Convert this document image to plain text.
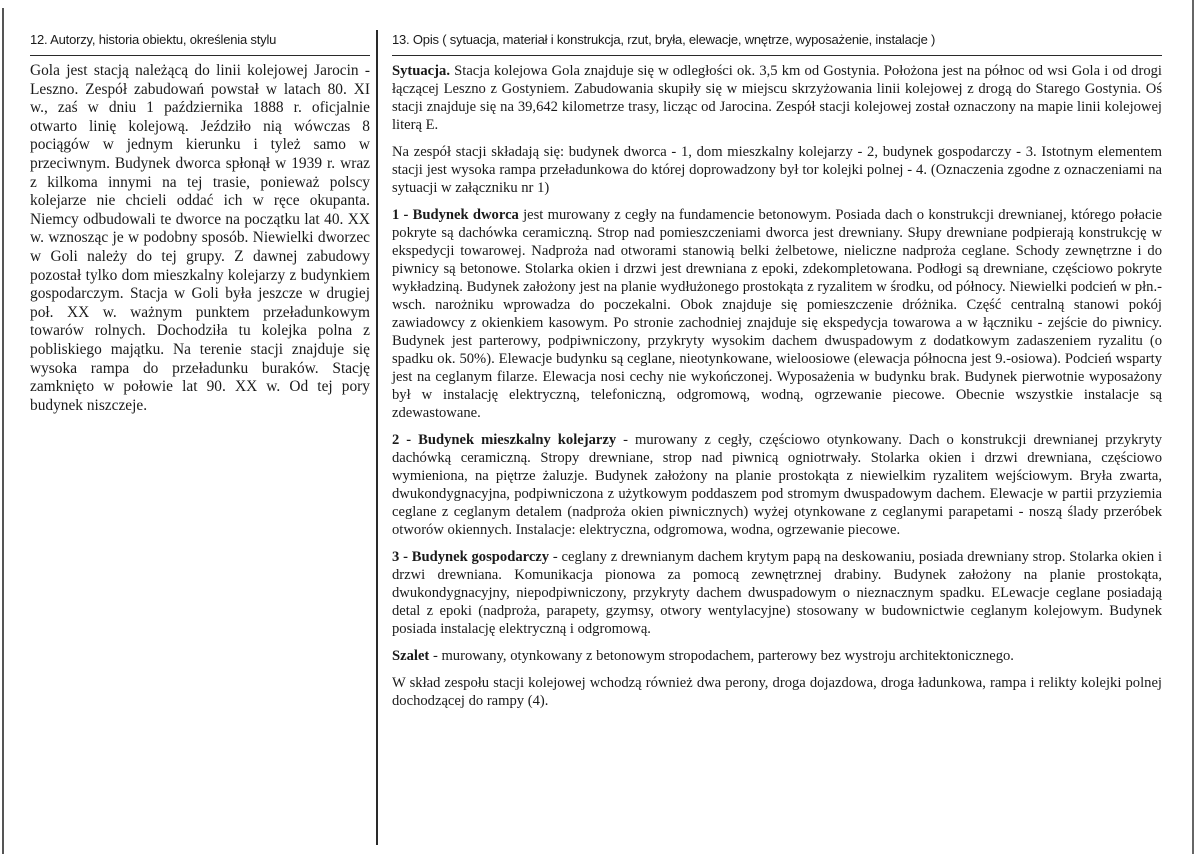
12. Autorzy, historia obiektu, określenia stylu

Gola jest stacją należącą do linii kolejowej Jarocin - Leszno. Zespół zabudowań powstał w latach 80. XI w., zaś w dniu 1 października 1888 r. oficjalnie otwarto linię kolejową. Jeździło nią wówczas 8 pociągów w jednym kierunku i tyleż samo w przeciwnym. Budynek dworca spłonął w 1939 r. wraz z kilkoma innymi na tej trasie, ponieważ polscy kolejarze nie chcieli oddać ich w ręce okupanta. Niemcy odbudowali te dworce na początku lat 40. XX w. wznosząc je w podobny sposób. Niewielki dworzec w Goli należy do tej grupy. Z dawnej zabudowy pozostał tylko dom mieszkalny kolejarzy z budynkiem gospodarczym. Stacja w Goli była jeszcze w drugiej poł. XX w. ważnym punktem przeładunkowym towarów rolnych. Dochodziła tu kolejka polna z pobliskiego majątku. Na terenie stacji znajduje się wysoka rampa do przeładunku buraków. Stację zamknięto w połowie lat 90. XX w. Od tej pory budynek niszczeje.

13. Opis ( sytuacja, materiał i konstrukcja, rzut, bryła, elewacje, wnętrze, wyposażenie, instalacje )

Sytuacja. Stacja kolejowa Gola znajduje się w odległości ok. 3,5 km od Gostynia. Położona jest na północ od wsi Gola i od drogi łączącej Leszno z Gostyniem. Zabudowania skupiły się w miejscu skrzyżowania linii kolejowej z drogą do Starego Gostynia. Oś stacji znajduje się na 39,642 kilometrze trasy, licząc od Jarocina. Zespół stacji kolejowej został oznaczony na mapie linii kolejowej literą E.

Na zespół stacji składają się: budynek dworca - 1, dom mieszkalny kolejarzy - 2, budynek gospodarczy - 3. Istotnym elementem stacji jest wysoka rampa przeładunkowa do której doprowadzony był tor kolejki polnej - 4. (Oznaczenia zgodne z oznaczeniami na sytuacji w załączniku nr 1)

1 - Budynek dworca jest murowany z cegły na fundamencie betonowym. Posiada dach o konstrukcji drewnianej, którego połacie pokryte są dachówka ceramiczną. Strop nad pomieszczeniami dworca jest drewniany. Słupy drewniane podpierają konstrukcję w ekspedycji towarowej. Nadproża nad otworami stanowią belki żelbetowe, nieliczne nadproża ceglane. Schody zewnętrzne i do piwnicy są betonowe. Stolarka okien i drzwi jest drewniana z epoki, zdekompletowana. Podłogi są drewniane, częściowo pokryte wykładziną. Budynek założony jest na planie wydłużonego prostokąta z ryzalitem w środku, od północy. Niewielki podcień w płn.-wsch. narożniku wprowadza do poczekalni. Obok znajduje się pomieszczenie dróżnika. Część centralną stanowi pokój zawiadowcy z okienkiem kasowym. Po stronie zachodniej znajduje się ekspedycja towarowa a w łączniku - zejście do piwnicy. Budynek jest parterowy, podpiwniczony, przykryty wysokim dachem dwuspadowym z dodatkowym zadaszeniem ryzalitu (o spadku ok. 50%). Elewacje budynku są ceglane, nieotynkowane, wieloosiowe (elewacja północna jest 9.-osiowa). Podcień wsparty jest na ceglanym filarze. Elewacja nosi cechy nie wykończonej. Wyposażenia w budynku brak. Budynek pierwotnie wyposażony był w instalację elektryczną, telefoniczną, odgromową, wodną, ogrzewanie piecowe. Obecnie wszystkie instalacje są zdewastowane.

2 - Budynek mieszkalny kolejarzy - murowany z cegły, częściowo otynkowany. Dach o konstrukcji drewnianej przykryty dachówką ceramiczną. Stropy drewniane, strop nad piwnicą ogniotrwały. Stolarka okien i drzwi drewniana, częściowo wymieniona, na piętrze żaluzje. Budynek założony na planie prostokąta z niewielkim ryzalitem wejściowym. Bryła zwarta, dwukondygnacyjna, podpiwniczona z użytkowym poddaszem pod stromym dwuspadowym dachem. Elewacje w partii przyziemia ceglane z ceglanym detalem (nadproża okien piwnicznych) wyżej otynkowane z ceglanymi parapetami - noszą ślady przeróbek otworów okiennych. Instalacje: elektryczna, odgromowa, wodna, ogrzewanie piecowe.

3 - Budynek gospodarczy - ceglany z drewnianym dachem krytym papą na deskowaniu, posiada drewniany strop. Stolarka okien i drzwi drewniana. Komunikacja pionowa za pomocą zewnętrznej drabiny. Budynek założony na planie prostokąta, dwukondygnacyjny, niepodpiwniczony, przykryty dachem dwuspadowym o nieznacznym spadku. ELewacje ceglane posiadają detal z epoki (nadproża, parapety, gzymsy, otwory wentylacyjne) stosowany w budownictwie ceglanym kolejowym. Budynek posiada instalację elektryczną i odgromową.

Szalet - murowany, otynkowany z betonowym stropodachem, parterowy bez wystroju architektonicznego.

W skład zespołu stacji kolejowej wchodzą również dwa perony, droga dojazdowa, droga ładunkowa, rampa i relikty kolejki polnej dochodzącej do rampy (4).
